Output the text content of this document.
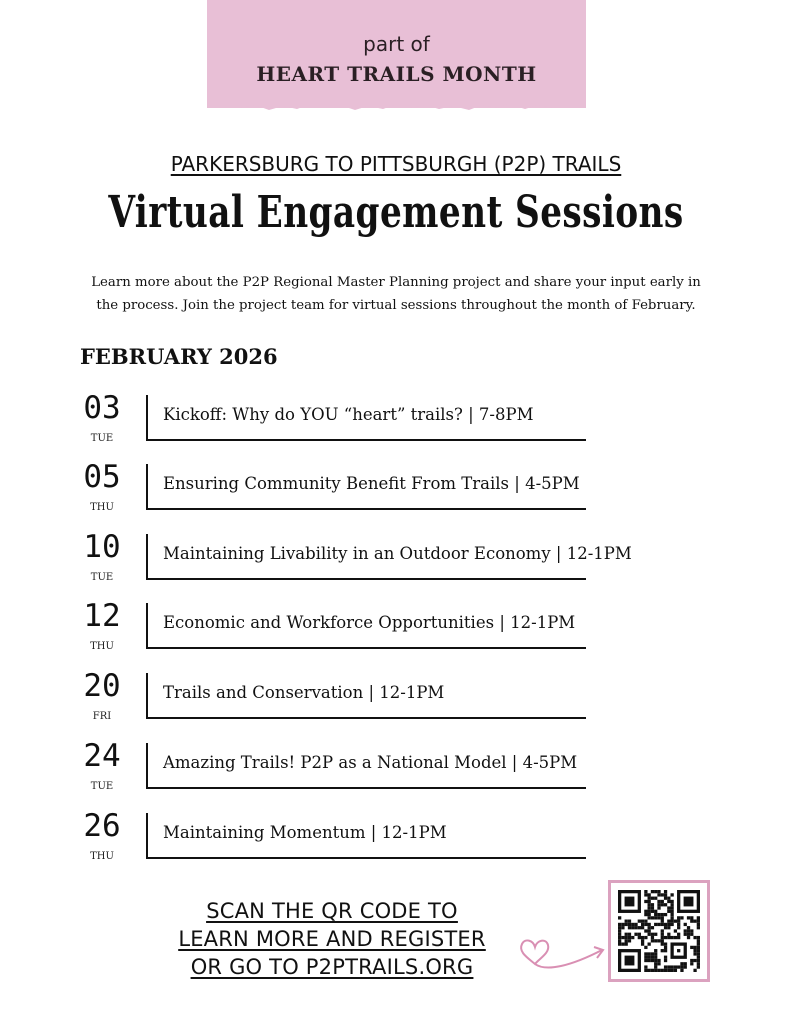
part of
HEART TRAILS MONTH
PARKERSBURG TO PITTSBURGH (P2P) TRAILS
Virtual Engagement Sessions
Learn more about the P2P Regional Master Planning project and share your input early in
the process. Join the project team for virtual sessions throughout the month of February.
FEBRUARY 2026
03
TUE
Kickoff: Why do YOU “heart” trails? | 7-8PM
05
THU
Ensuring Community Benefit From Trails | 4-5PM
10
TUE
Maintaining Livability in an Outdoor Economy | 12-1PM
12
THU
Economic and Workforce Opportunities | 12-1PM
20
FRI
Trails and Conservation | 12-1PM
24
TUE
Amazing Trails! P2P as a National Model | 4-5PM
26
THU
Maintaining Momentum | 12-1PM
SCAN THE QR CODE TO
LEARN MORE AND REGISTER
OR GO TO P2PTRAILS.ORG
